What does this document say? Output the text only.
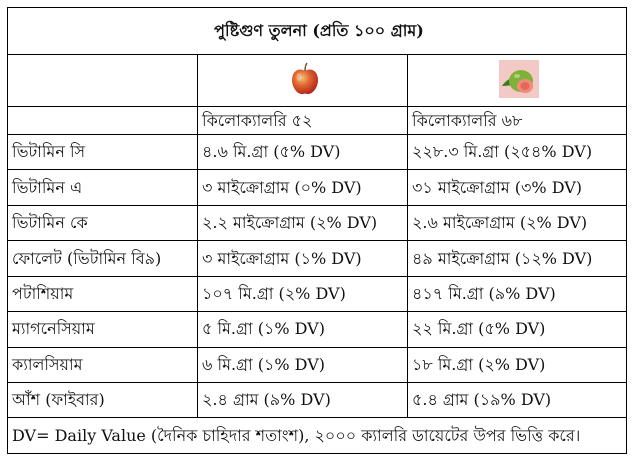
পুষ্টিগুণ তুলনা (প্রতি ১০০ গ্রাম)		

	কিলোক্যালরি ৫২	কিলোক্যালরি ৬৮
ভিটামিন সি	৪.৬ মি.গ্রা (৫% DV)	২২৮.৩ মি.গ্রা (২৫৪% DV)
ভিটামিন এ	৩ মাইক্রোগ্রাম (০% DV)	৩১ মাইক্রোগ্রাম (৩% DV)
ভিটামিন কে	২.২ মাইক্রোগ্রাম (২% DV)	২.৬ মাইক্রোগ্রাম (২% DV)
ফোলেট (ভিটামিন বি৯)	৩ মাইক্রোগ্রাম (১% DV)	৪৯ মাইক্রোগ্রাম (১২% DV)
পটাশিয়াম	১০৭ মি.গ্রা (২% DV)	৪১৭ মি.গ্রা (৯% DV)
ম্যাগনেসিয়াম	৫ মি.গ্রা (১% DV)	২২ মি.গ্রা (৫% DV)
ক্যালসিয়াম	৬ মি.গ্রা (১% DV)	১৮ মি.গ্রা (২% DV)
আঁশ (ফাইবার)	২.৪ গ্রাম (৯% DV)	৫.৪ গ্রাম (১৯% DV)
DV= Daily Value (দৈনিক চাহিদার শতাংশ), ২০০০ ক্যালরি ডায়েটের উপর ভিত্তি করে।		
